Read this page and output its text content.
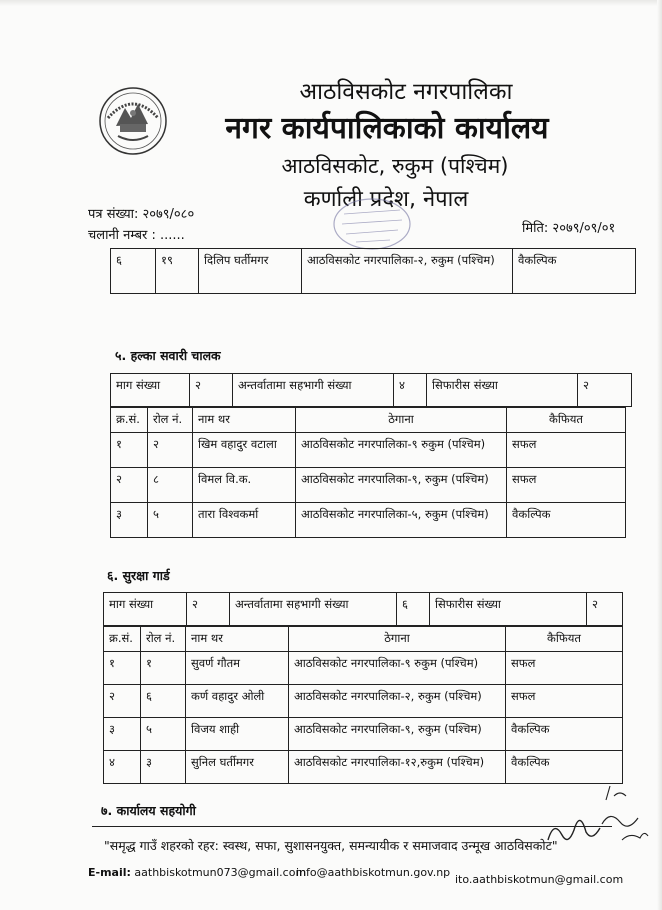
आठविसकोट नगरपालिका
नगर कार्यपालिकाको कार्यालय
आठविसकोट, रुकुम (पश्चिम)
कर्णाली प्रदेश, नेपाल
पत्र संख्या: २०७९/०८०
चलानी नम्बर : ......	मिति: २०७९/०९/०१
६	१९	दिलिप घर्तीमगर	आठविसकोट नगरपालिका-२, रुकुम (पश्चिम)	वैकल्पिक
५. हल्का सवारी चालक
माग संख्या	२	अन्तर्वातामा सहभागी संख्या	४	सिफारीस संख्या	२
क्र.सं.	रोल नं.	नाम थर	ठेगाना	कैफियत
१	२	खिम वहादुर वटाला	आठविसकोट नगरपालिका-९ रुकुम (पश्चिम)	सफल
२	८	विमल वि.क.	आठविसकोट नगरपालिका-९, रुकुम (पश्चिम)	सफल
३	५	तारा विश्वकर्मा	आठविसकोट नगरपालिका-५, रुकुम (पश्चिम)	वैकल्पिक
६. सुरक्षा गार्ड
माग संख्या	२	अन्तर्वातामा सहभागी संख्या	६	सिफारीस संख्या	२
क्र.सं.	रोल नं.	नाम थर	ठेगाना	कैफियत
१	१	सुवर्ण गौतम	आठविसकोट नगरपालिका-९ रुकुम (पश्चिम)	सफल
२	६	कर्ण वहादुर ओली	आठविसकोट नगरपालिका-२, रुकुम (पश्चिम)	सफल
३	५	विजय शाही	आठविसकोट नगरपालिका-९, रुकुम (पश्चिम)	वैकल्पिक
४	३	सुनिल घर्तीमगर	आठविसकोट नगरपालिका-१२,रुकुम (पश्चिम)	वैकल्पिक
७. कार्यालय सहयोगी
"समृद्ध गाउँ शहरको रहर: स्वस्थ, सफा, सुशासनयुक्त, समन्यायीक र समाजवाद उन्मूख आठविसकोट"
E-mail: aathbiskotmun073@gmail.com
info@aathbiskotmun.gov.np
ito.aathbiskotmun@gmail.com
